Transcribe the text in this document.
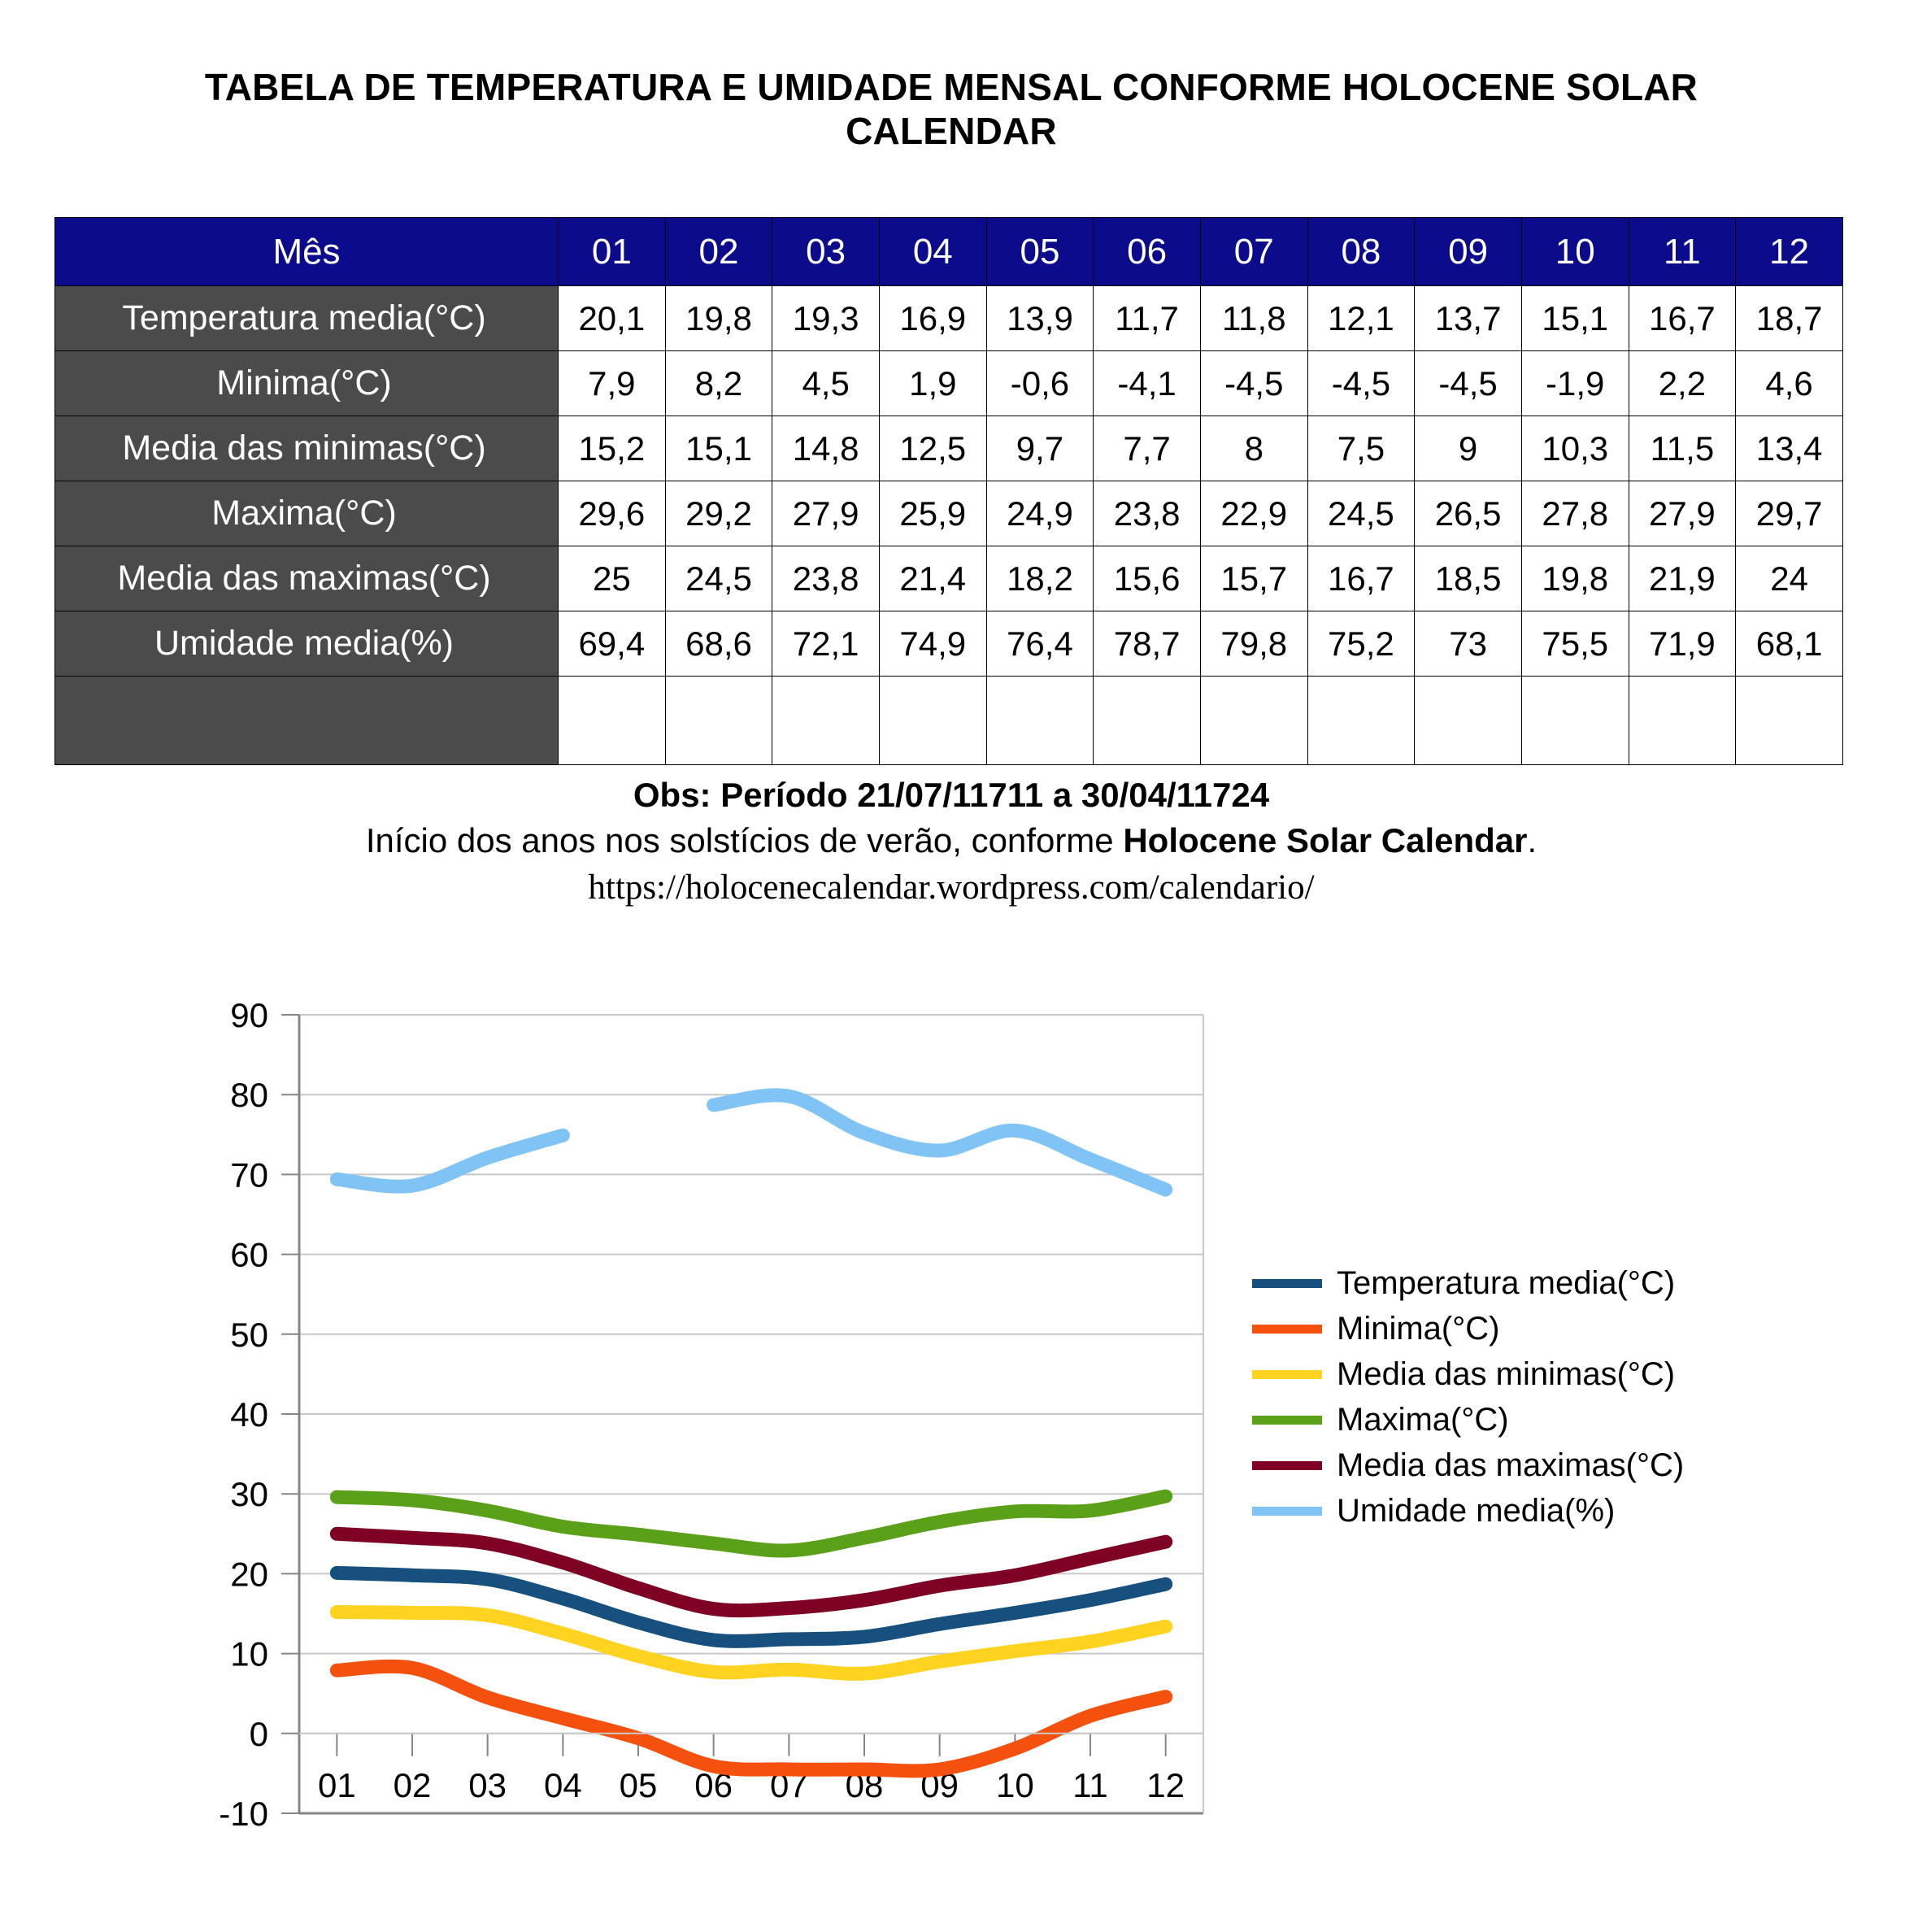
TABELA DE TEMPERATURA E UMIDADE MENSAL CONFORME HOLOCENE SOLAR CALENDAR
Mês	01	02	03	04	05	06	07	08	09	10	11	12
Temperatura media(°C)	20,1	19,8	19,3	16,9	13,9	11,7	11,8	12,1	13,7	15,1	16,7	18,7
Minima(°C)	7,9	8,2	4,5	1,9	-0,6	-4,1	-4,5	-4,5	-4,5	-1,9	2,2	4,6
Media das minimas(°C)	15,2	15,1	14,8	12,5	9,7	7,7	8	7,5	9	10,3	11,5	13,4
Maxima(°C)	29,6	29,2	27,9	25,9	24,9	23,8	22,9	24,5	26,5	27,8	27,9	29,7
Media das maximas(°C)	25	24,5	23,8	21,4	18,2	15,6	15,7	16,7	18,5	19,8	21,9	24
Umidade media(%)	69,4	68,6	72,1	74,9	76,4	78,7	79,8	75,2	73	75,5	71,9	68,1

Obs: Período 21/07/11711 a 30/04/11724
Início dos anos nos solstícios de verão, conforme Holocene Solar Calendar.
https://holocenecalendar.wordpress.com/calendario/
-10
0
10
20
30
40
50
60
70
80
90
01 02 03 04 05 06 07 08 09 10 11 12
Temperatura media(°C)
Minima(°C)
Media das minimas(°C)
Maxima(°C)
Media das maximas(°C)
Umidade media(%)
